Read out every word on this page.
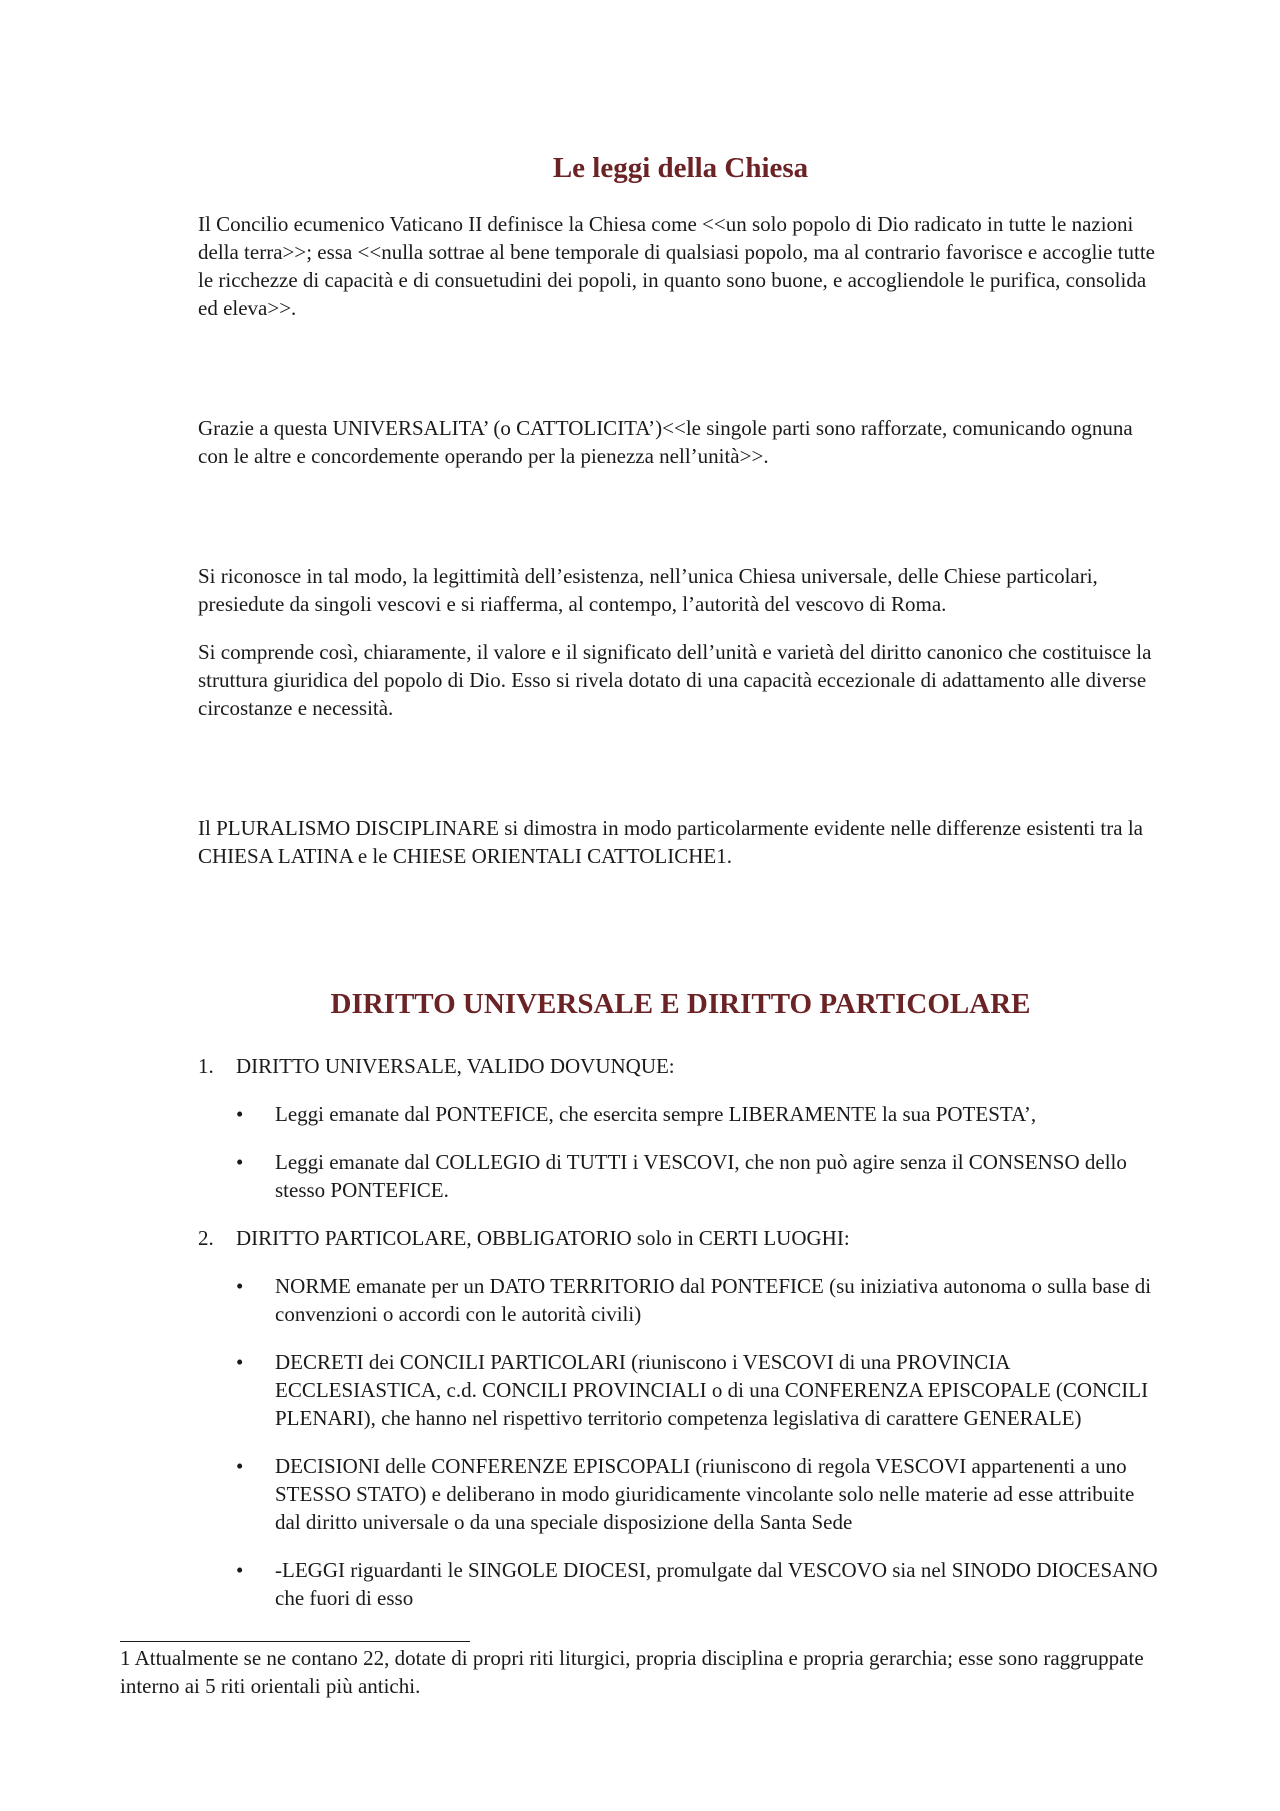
Le leggi della Chiesa

Il Concilio ecumenico Vaticano II definisce la Chiesa come <<un solo popolo di Dio radicato in tutte le nazioni della terra>>; essa <<nulla sottrae al bene temporale di qualsiasi popolo, ma al contrario favorisce e accoglie tutte le ricchezze di capacità e di consuetudini dei popoli, in quanto sono buone, e accogliendole le purifica, consolida ed eleva>>.

Grazie a questa UNIVERSALITA’ (o CATTOLICITA’)<<le singole parti sono rafforzate, comunicando ognuna con le altre e concordemente operando per la pienezza nell’unità>>.

Si riconosce in tal modo, la legittimità dell’esistenza, nell’unica Chiesa universale, delle Chiese particolari, presiedute da singoli vescovi e si riafferma, al contempo, l’autorità del vescovo di Roma.

Si comprende così, chiaramente, il valore e il significato dell’unità e varietà del diritto canonico che costituisce la struttura giuridica del popolo di Dio. Esso si rivela dotato di una capacità eccezionale di adattamento alle diverse circostanze e necessità.

Il PLURALISMO DISCIPLINARE si dimostra in modo particolarmente evidente nelle differenze esistenti tra la CHIESA LATINA e le CHIESE ORIENTALI CATTOLICHE1.

DIRITTO UNIVERSALE E DIRITTO PARTICOLARE
1.	DIRITTO UNIVERSALE, VALIDO DOVUNQUE:
•	Leggi emanate dal PONTEFICE, che esercita sempre LIBERAMENTE la sua POTESTA’,
•	Leggi emanate dal COLLEGIO di TUTTI i VESCOVI, che non può agire senza il CONSENSO dello stesso PONTEFICE.
2.	DIRITTO PARTICOLARE, OBBLIGATORIO solo in CERTI LUOGHI:
•	NORME emanate per un DATO TERRITORIO dal PONTEFICE (su iniziativa autonoma o sulla base di convenzioni o accordi con le autorità civili)
•	DECRETI dei CONCILI PARTICOLARI (riuniscono i VESCOVI di una PROVINCIA ECCLESIASTICA, c.d. CONCILI PROVINCIALI o di una CONFERENZA EPISCOPALE (CONCILI PLENARI), che hanno nel rispettivo territorio competenza legislativa di carattere GENERALE)
•	DECISIONI delle CONFERENZE EPISCOPALI (riuniscono di regola VESCOVI appartenenti a uno STESSO STATO) e deliberano in modo giuridicamente vincolante solo nelle materie ad esse attribuite dal diritto universale o da una speciale disposizione della Santa Sede
•	-LEGGI riguardanti le SINGOLE DIOCESI, promulgate dal VESCOVO sia nel SINODO DIOCESANO che fuori di esso

1 Attualmente se ne contano 22, dotate di propri riti liturgici, propria disciplina e propria gerarchia; esse sono raggruppate interno ai 5 riti orientali più antichi.
